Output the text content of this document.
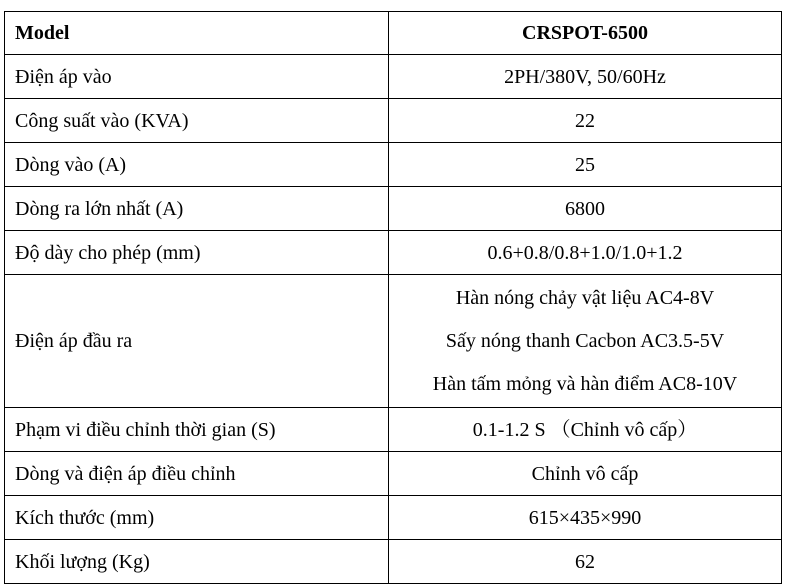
Model	CRSPOT-6500
Điện áp vào	2PH/380V, 50/60Hz
Công suất vào (KVA)	22
Dòng vào (A)	25
Dòng ra lớn nhất (A)	6800
Độ dày cho phép (mm)	0.6+0.8/0.8+1.0/1.0+1.2
Điện áp đầu ra	Hàn nóng chảy vật liệu AC4-8V
Sấy nóng thanh Cacbon AC3.5-5V
Hàn tấm mỏng và hàn điểm AC8-10V

Phạm vi điều chỉnh thời gian (S)	0.1-1.2 S （Chỉnh vô cấp）
Dòng và điện áp điều chỉnh	Chỉnh vô cấp
Kích thước (mm)	615×435×990
Khối lượng (Kg)	62
